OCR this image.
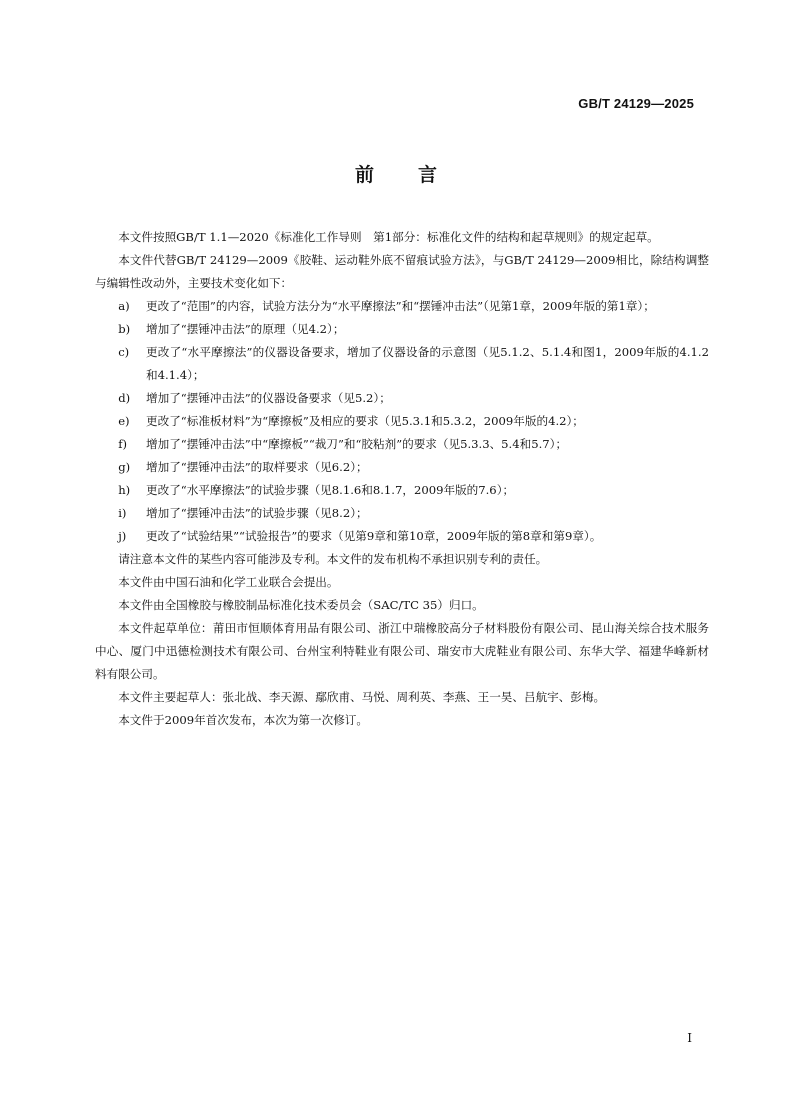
GB/T 24129—2025
前 言

本文件按照GB/T 1.1—2020《标准化工作导则　第1部分：标准化文件的结构和起草规则》的规定起草。

本文件代替GB/T 24129—2009《胶鞋、运动鞋外底不留痕试验方法》，与GB/T 24129—2009相比，除结构调整与编辑性改动外，主要技术变化如下：

a)	更改了“范围”的内容，试验方法分为“水平摩擦法”和“摆锤冲击法”（见第1章，2009年版的第1章）；

b)	增加了“摆锤冲击法”的原理（见4.2）；

c)	更改了“水平摩擦法”的仪器设备要求，增加了仪器设备的示意图（见5.1.2、5.1.4和图1，2009年版的4.1.2和4.1.4）；

d)	增加了“摆锤冲击法”的仪器设备要求（见5.2）；

e)	更改了“标准板材料”为“摩擦板”及相应的要求（见5.3.1和5.3.2，2009年版的4.2）；

f)	增加了“摆锤冲击法”中“摩擦板”“裁刀”和“胶粘剂”的要求（见5.3.3、5.4和5.7）；

g)	增加了“摆锤冲击法”的取样要求（见6.2）；

h)	更改了“水平摩擦法”的试验步骤（见8.1.6和8.1.7，2009年版的7.6）；

i)	增加了“摆锤冲击法”的试验步骤（见8.2）；

j)	更改了“试验结果”“试验报告”的要求（见第9章和第10章，2009年版的第8章和第9章）。

请注意本文件的某些内容可能涉及专利。本文件的发布机构不承担识别专利的责任。

本文件由中国石油和化学工业联合会提出。

本文件由全国橡胶与橡胶制品标准化技术委员会（SAC/TC 35）归口。

本文件起草单位：莆田市恒顺体育用品有限公司、浙江中瑞橡胶高分子材料股份有限公司、昆山海关综合技术服务中心、厦门中迅德检测技术有限公司、台州宝利特鞋业有限公司、瑞安市大虎鞋业有限公司、东华大学、福建华峰新材料有限公司。

本文件主要起草人：张北战、李天源、鄢欣甫、马悦、周利英、李燕、王一昊、吕航宇、彭梅。

本文件于2009年首次发布，本次为第一次修订。

I
